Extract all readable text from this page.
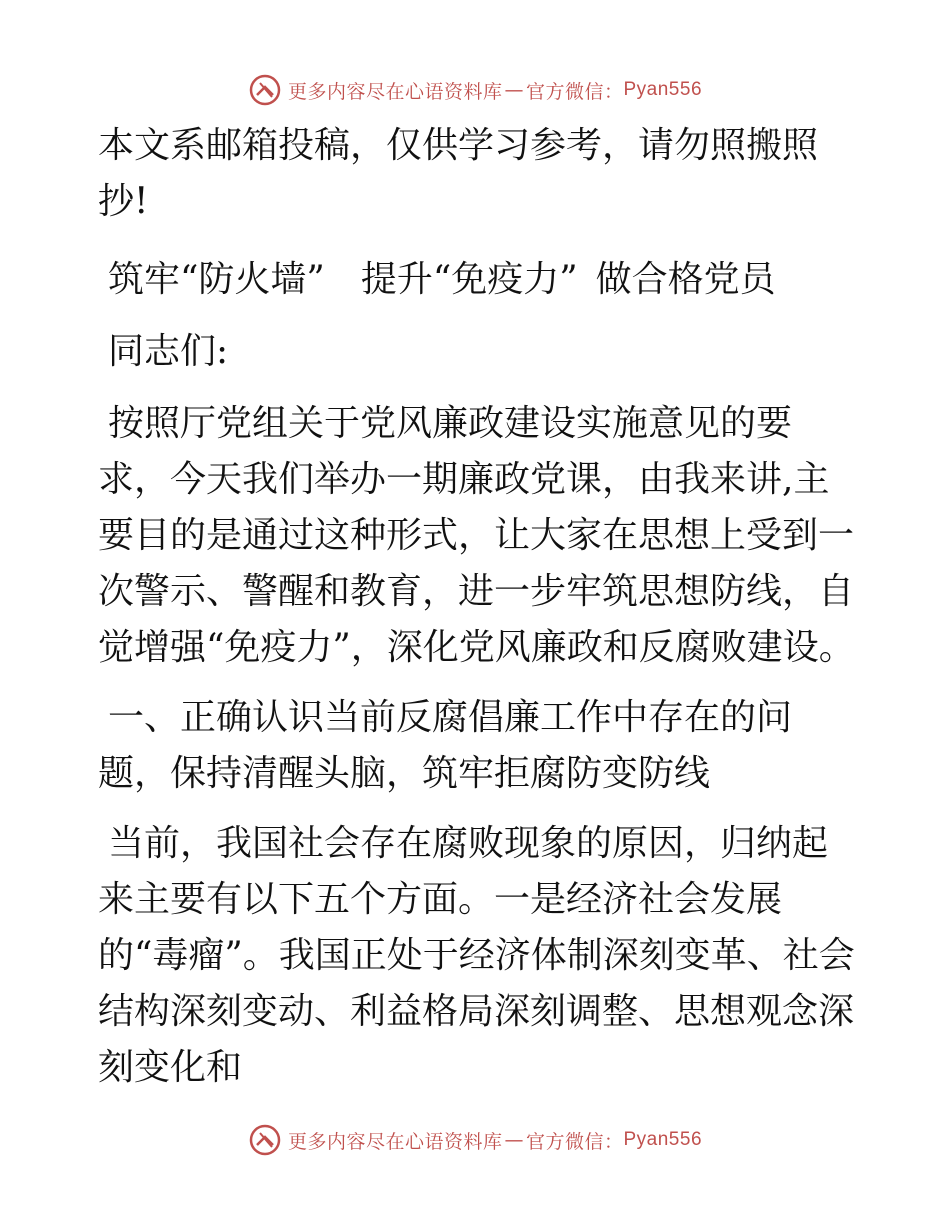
更多内容尽在心语资料库 — 官方微信： Pyan556

本文系邮箱投稿，仅供学习参考，请勿照搬照抄!

筑牢“防火墙” 提升“免疫力” 做合格党员

同志们:

按照厅党组关于党风廉政建设实施意见的要求，今天我们举办一期廉政党课，由我来讲,主要目的是通过这种形式，让大家在思想上受到一次警示、警醒和教育，进一步牢筑思想防线，自觉增强“免疫力”，深化党风廉政和反腐败建设。

一、正确认识当前反腐倡廉工作中存在的问题，保持清醒头脑，筑牢拒腐防变防线

当前，我国社会存在腐败现象的原因，归纳起来主要有以下五个方面。一是经济社会发展的“毒瘤”。我国正处于经济体制深刻变革、社会结构深刻变动、利益格局深刻调整、思想观念深刻变化和

更多内容尽在心语资料库 — 官方微信： Pyan556
